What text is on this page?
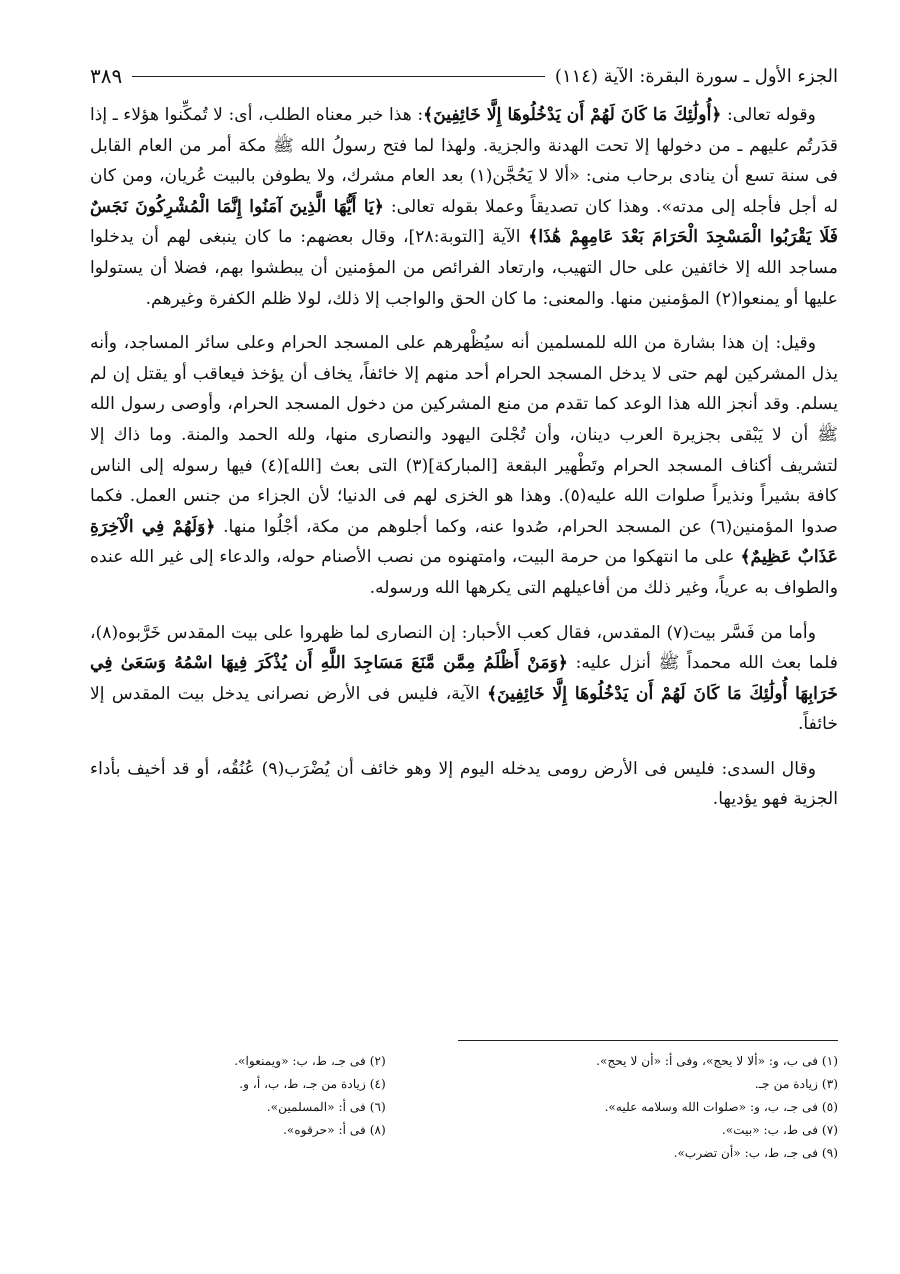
الجزء الأول ـ سورة البقرة: الآية (١١٤)
٣٨٩

وقوله تعالى: ﴿أُولَٰئِكَ مَا كَانَ لَهُمْ أَن يَدْخُلُوهَا إِلَّا خَائِفِينَ﴾: هذا خبر معناه الطلب، أى: لا تُمكِّنوا هؤلاء ـ إذا قدَرتُم عليهم ـ من دخولها إلا تحت الهدنة والجزية. ولهذا لما فتح رسولُ الله ﷺ مكة أمر من العام القابل فى سنة تسع أن ينادى برحاب منى: «ألا لا يَحُجَّن(١) بعد العام مشرك، ولا يطوفن بالبيت عُريان، ومن كان له أجل فأجله إلى مدته». وهذا كان تصديقاً وعملا بقوله تعالى: ﴿يَا أَيُّهَا الَّذِينَ آمَنُوا إِنَّمَا الْمُشْرِكُونَ نَجَسٌ فَلَا يَقْرَبُوا الْمَسْجِدَ الْحَرَامَ بَعْدَ عَامِهِمْ هَٰذَا﴾ الآية [التوبة:٢٨]، وقال بعضهم: ما كان ينبغى لهم أن يدخلوا مساجد الله إلا خائفين على حال التهيب، وارتعاد الفرائص من المؤمنين أن يبطشوا بهم، فضلا أن يستولوا عليها أو يمنعوا(٢) المؤمنين منها. والمعنى: ما كان الحق والواجب إلا ذلك، لولا ظلم الكفرة وغيرهم.

وقيل: إن هذا بشارة من الله للمسلمين أنه سيُظْهرهم على المسجد الحرام وعلى سائر المساجد، وأنه يذل المشركين لهم حتى لا يدخل المسجد الحرام أحد منهم إلا خائفاً، يخاف أن يؤخذ فيعاقب أو يقتل إن لم يسلم. وقد أنجز الله هذا الوعد كما تقدم من منع المشركين من دخول المسجد الحرام، وأوصى رسول الله ﷺ أن لا يَبْقى بجزيرة العرب دينان، وأن تُجْلىَ اليهود والنصارى منها، ولله الحمد والمنة. وما ذاك إلا لتشريف أكناف المسجد الحرام وتَطْهير البقعة [المباركة](٣) التى بعث [الله](٤) فيها رسوله إلى الناس كافة بشيراً ونذيراً صلوات الله عليه(٥). وهذا هو الخزى لهم فى الدنيا؛ لأن الجزاء من جنس العمل. فكما صدوا المؤمنين(٦) عن المسجد الحرام، صُدوا عنه، وكما أجلوهم من مكة، أجْلُوا منها. ﴿وَلَهُمْ فِي الْآخِرَةِ عَذَابٌ عَظِيمٌ﴾ على ما انتهكوا من حرمة البيت، وامتهنوه من نصب الأصنام حوله، والدعاء إلى غير الله عنده والطواف به عرياً، وغير ذلك من أفاعيلهم التى يكرهها الله ورسوله.

وأما من فَسَّر بيت(٧) المقدس، فقال كعب الأحبار: إن النصارى لما ظهروا على بيت المقدس خَرَّبوه(٨)، فلما بعث الله محمداً ﷺ أنزل عليه: ﴿وَمَنْ أَظْلَمُ مِمَّن مَّنَعَ مَسَاجِدَ اللَّهِ أَن يُذْكَرَ فِيهَا اسْمُهُ وَسَعَىٰ فِي خَرَابِهَا أُولَٰئِكَ مَا كَانَ لَهُمْ أَن يَدْخُلُوهَا إِلَّا خَائِفِينَ﴾ الآية، فليس فى الأرض نصرانى يدخل بيت المقدس إلا خائفاً.

وقال السدى: فليس فى الأرض رومى يدخله اليوم إلا وهو خائف أن يُضْرَب(٩) عُنُقُه، أو قد أخيف بأداء الجزية فهو يؤديها.

(١) فى ب، و: «ألا لا يحج»، وفى أ: «أن لا يحج».
(٣) زيادة من جـ.
(٥) فى جـ، ب، و: «صلوات الله وسلامه عليه».
(٧) فى ط، ب: «بيت».
(٩) فى جـ، ط، ب: «أن تضرب».
(٢) فى جـ، ط، ب: «ويمنعوا».
(٤) زيادة من جـ، ط، ب، أ، و.
(٦) فى أ: «المسلمين».
(٨) فى أ: «حرقوه».
